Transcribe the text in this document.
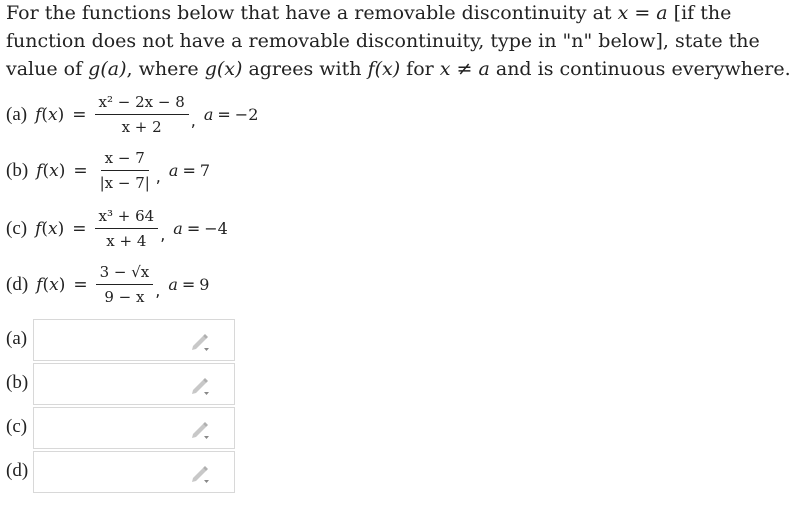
For the functions below that have a removable discontinuity at x = a [if the function does not have a removable discontinuity, type in "n" below], state the value of g(a), where g(x) agrees with f(x) for x ≠ a and is continuous everywhere.
(a) $f(x) = \frac{\text{x² − 2x − 8}}{x + 2}$ , a = −2
(b) $f(x) = \frac{x - 7}{|x - 7|}$ , a = 7
(c) $f(x) = \frac{\text{x³ + 64}}{x + 4}$ , a = −4
(d) $f(x) = \frac{3 - √x}{9 - x}$ , a = 9
(a)
(b)
(c)
(d)
